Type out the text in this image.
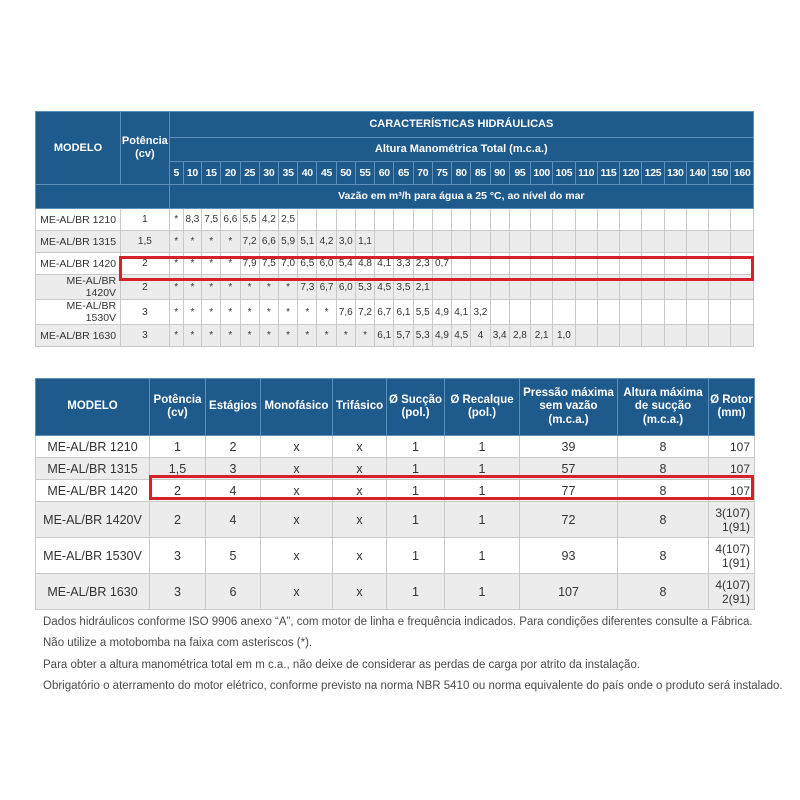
MODELO	Potência (cv)	CARACTERÍSTICAS HIDRÁULICAS																												
		Altura Manométrica Total (m.c.a.)																												
		5	10	15	20	25	30	35	40	45	50	55	60	65	70	75	80	85	90	95	100	105	110	115	120	125	130	140	150	160
		Vazão em m³/h para água a 25 °C, ao nível do mar																												
ME-AL/BR 1210	1	*	8,3	7,5	6,6	5,5	4,2	2,5																						
ME-AL/BR 1315	1,5	*	*	*	*	7,2	6,6	5,9	5,1	4,2	3,0	1,1																		
ME-AL/BR 1420	2	*	*	*	*	7,9	7,5	7,0	6,5	6,0	5,4	4,8	4,1	3,3	2,3	0,7														
ME-AL/BR 1420V	2	*	*	*	*	*	*	*	7,3	6,7	6,0	5,3	4,5	3,5	2,1															
ME-AL/BR 1530V	3	*	*	*	*	*	*	*	*	*	7,6	7,2	6,7	6,1	5,5	4,9	4,1	3,2												
ME-AL/BR 1630	3	*	*	*	*	*	*	*	*	*	*	*	6,1	5,7	5,3	4,9	4,5	4	3,4	2,8	2,1	1,0								
MODELO	Potência (cv)	Estágios	Monofásico	Trifásico	Ø Sucção (pol.)	Ø Recalque (pol.)	Pressão máxima sem vazão (m.c.a.)	Altura máxima de sucção (m.c.a.)	Ø Rotor (mm)
ME-AL/BR 1210	1	2	x	x	1	1	39	8	107
ME-AL/BR 1315	1,5	3	x	x	1	1	57	8	107
ME-AL/BR 1420	2	4	x	x	1	1	77	8	107
ME-AL/BR 1420V	2	4	x	x	1	1	72	8	3(107) 1(91)
ME-AL/BR 1530V	3	5	x	x	1	1	93	8	4(107) 1(91)
ME-AL/BR 1630	3	6	x	x	1	1	107	8	4(107) 2(91)
Dados hidráulicos conforme ISO 9906 anexo “A”, com motor de linha e frequência indicados. Para condições diferentes consulte a Fábrica.
Não utilize a motobomba na faixa com asteriscos (*).
Para obter a altura manométrica total em m c.a., não deixe de considerar as perdas de carga por atrito da instalação.
Obrigatório o aterramento do motor elétrico, conforme previsto na norma NBR 5410 ou norma equivalente do país onde o produto será instalado.
